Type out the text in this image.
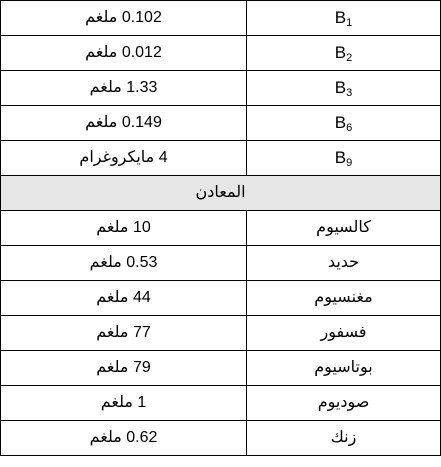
0.102 ملغم	$B_1$
0.012 ملغم	$B_2$
1.33 ملغم	$B_3$
0.149 ملغم	$B_6$
4 مايكروغرام	$B_9$
المعادن	
10 ملغم	كالسيوم
0.53 ملغم	حديد
44 ملغم	مغنسيوم
77 ملغم	فسفور
79 ملغم	بوتاسيوم
1 ملغم	صوديوم
0.62 ملغم	زنك
